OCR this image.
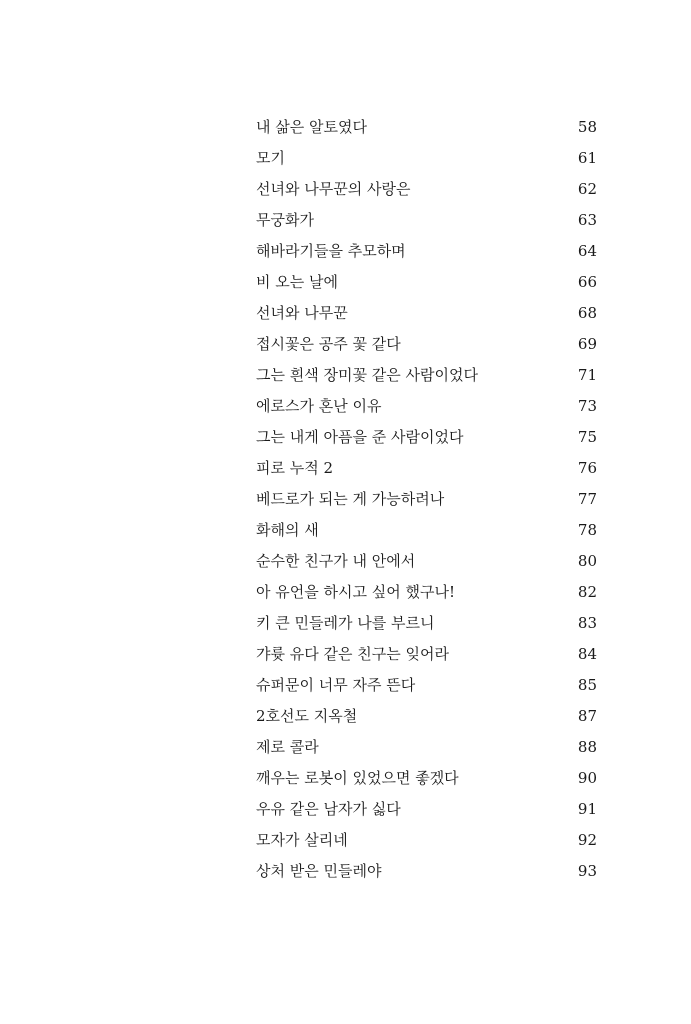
내 삶은 알토였다	58
모기	61
선녀와 나무꾼의 사랑은	62
무궁화가	63
해바라기들을 추모하며	64
비 오는 날에	66
선녀와 나무꾼	68
접시꽃은 공주 꽃 같다	69
그는 흰색 장미꽃 같은 사람이었다	71
에로스가 혼난 이유	73
그는 내게 아픔을 준 사람이었다	75
피로 누적 2	76
베드로가 되는 게 가능하려나	77
화해의 새	78
순수한 친구가 내 안에서	80
아 유언을 하시고 싶어 했구나!	82
키 큰 민들레가 나를 부르니	83
갸륫 유다 같은 친구는 잊어라	84
슈퍼문이 너무 자주 뜬다	85
2호선도 지옥철	87
제로 콜라	88
깨우는 로봇이 있었으면 좋겠다	90
우유 같은 남자가 싫다	91
모자가 살리네	92
상처 받은 민들레야	93
